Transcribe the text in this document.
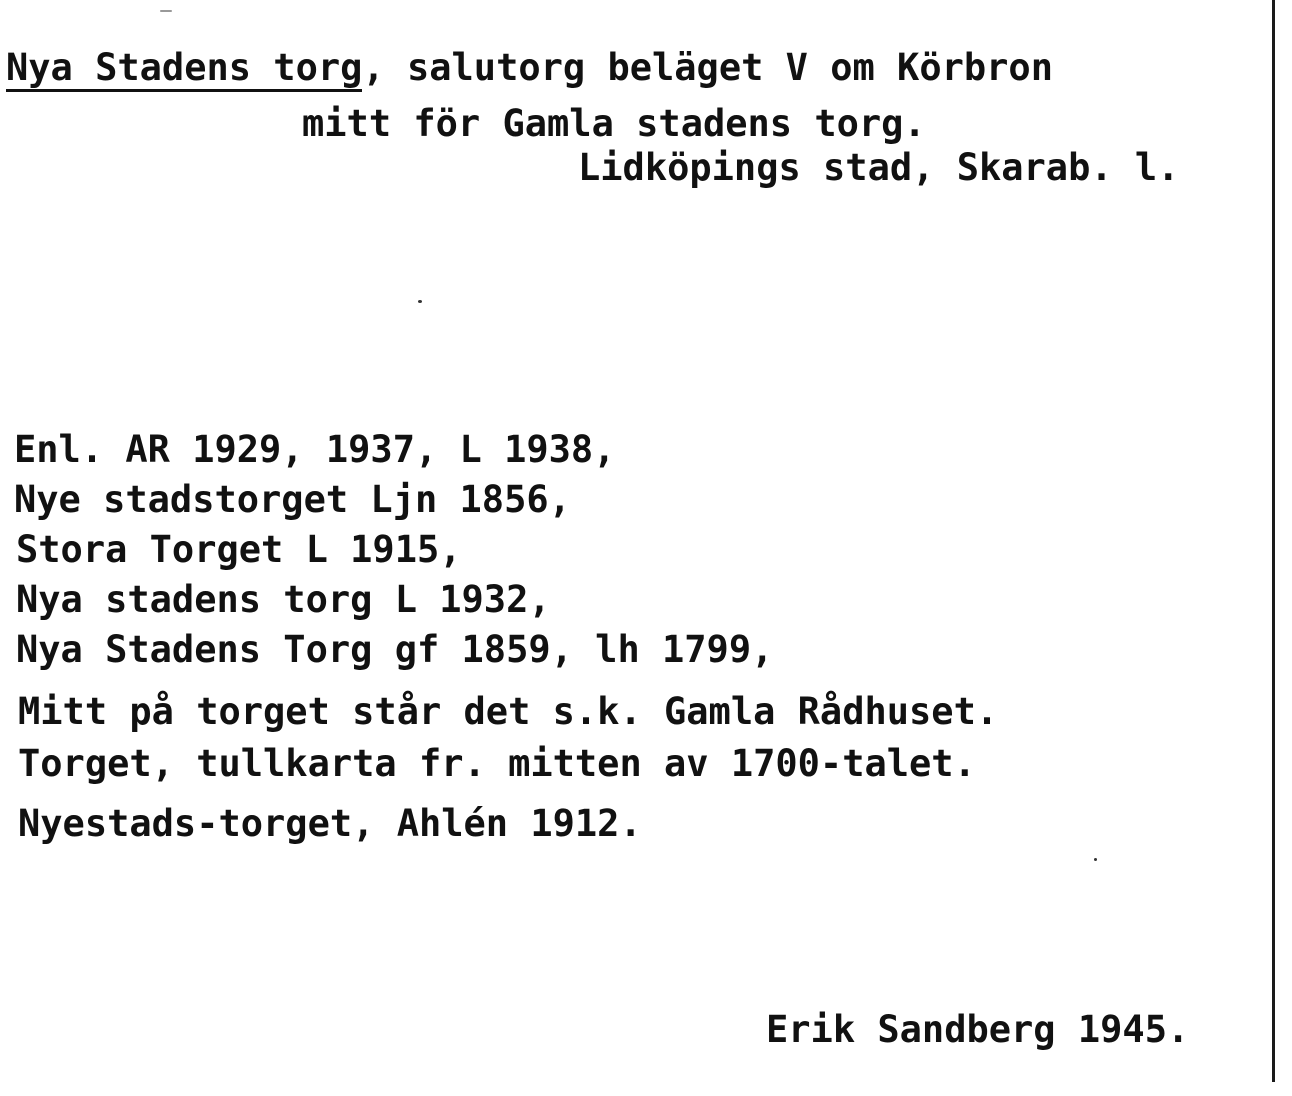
Nya Stadens torg, salutorg beläget V om Körbron
mitt för Gamla stadens torg.
Lidköpings stad, Skarab. l.
Enl. AR 1929, 1937, L 1938,
Nye stadstorget Ljn 1856,
Stora Torget L 1915,
Nya stadens torg L 1932,
Nya Stadens Torg gf 1859, lh 1799,
Mitt på torget står det s.k. Gamla Rådhuset.
Torget, tullkarta fr. mitten av 1700-talet.
Nyestads-torget, Ahlén 1912.
Erik Sandberg 1945.
